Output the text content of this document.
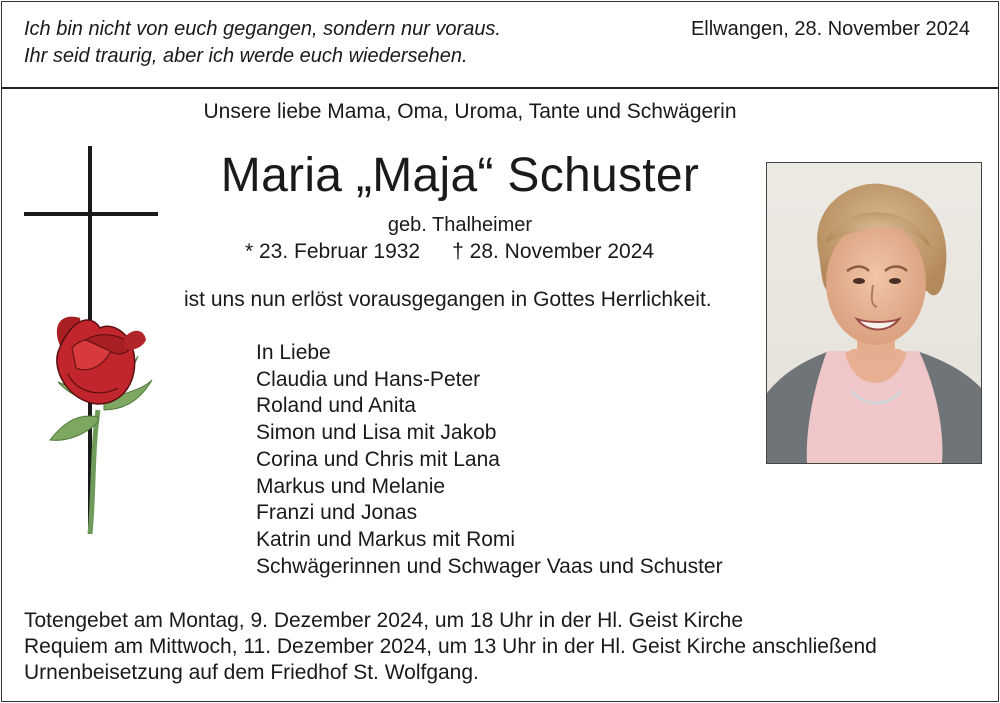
Ich bin nicht von euch gegangen, sondern nur voraus.
Ihr seid traurig, aber ich werde euch wiedersehen.
Ellwangen, 28. November 2024
Unsere liebe Mama, Oma, Uroma, Tante und Schwägerin
Maria „Maja“ Schuster
geb. Thalheimer
* 23. Februar 1932 † 28. November 2024
ist uns nun erlöst vorausgegangen in Gottes Herrlichkeit.
In Liebe
Claudia und Hans-Peter
Roland und Anita
Simon und Lisa mit Jakob
Corina und Chris mit Lana
Markus und Melanie
Franzi und Jonas
Katrin und Markus mit Romi
Schwägerinnen und Schwager Vaas und Schuster
Totengebet am Montag, 9. Dezember 2024, um 18 Uhr in der Hl. Geist Kirche
Requiem am Mittwoch, 11. Dezember 2024, um 13 Uhr in der Hl. Geist Kirche anschließend
Urnenbeisetzung auf dem Friedhof St. Wolfgang.
